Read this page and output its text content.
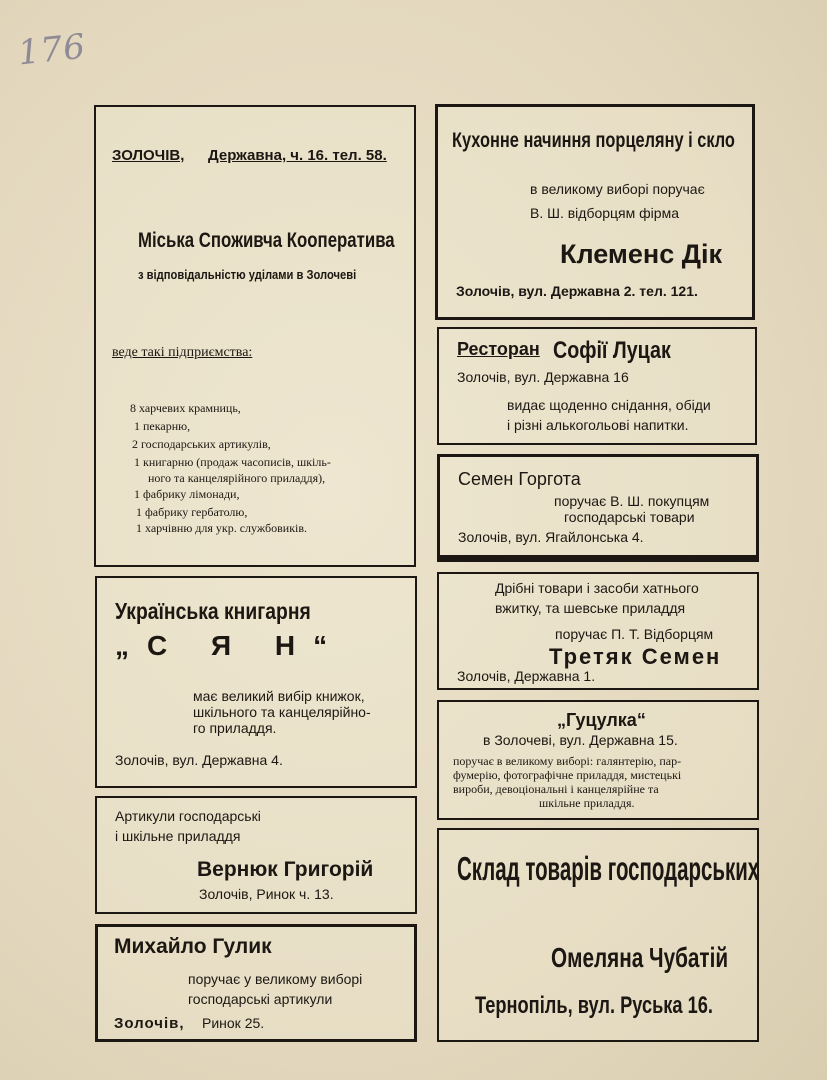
176
ЗОЛОЧІВ, Державна, ч. 16. тел. 58.
Міська Споживча Кооператива
з відповідальністю уділами в Золочеві
веде такі підприємства:
8 харчевих крамниць,
1 пекарню,
2 господарських артикулів,
1 книгарню (продаж часописів, шкіль-
ного та канцелярійного приладдя),
1 фабрику лімонади,
1 фабрику гербатолю,
1 харчівню для укр. службовиків.
Кухонне начиння порцеляну і скло
в великому виборі поручає
В. Ш. відборцям фірма
Клеменс Дік
Золочів, вул. Державна 2. тел. 121.
Ресторан Софії Луцак
Золочів, вул. Державна 16
видає щоденно снідання, обіди
і різні алькогольові напитки.
Семен Горгота
поручає В. Ш. покупцям
господарські товари
Золочів, вул. Ягайлонська 4.
Дрібні товари і засоби хатнього
вжитку, та шевське приладдя
поручає П. Т. Відборцям
Третяк Семен
Золочів, Державна 1.
Українська книгарня
„С Я Н“
має великий вибір книжок,
шкільного та канцелярійно-
го приладдя.
Золочів, вул. Державна 4.
„Гуцулка“
в Золочеві, вул. Державна 15.
поручає в великому виборі: галянтерію, пар-
фумерію, фотографічне приладдя, мистецькі
вироби, девоціональні і канцелярійне та
шкільне приладдя.
Артикули господарські
і шкільне приладдя
Вернюк Григорій
Золочів, Ринок ч. 13.
Склад товарів господарських
Омеляна Чубатій
Тернопіль, вул. Руська 16.
Михайло Гулик
поручає у великому виборі
господарські артикули
Золочів, Ринок 25.
